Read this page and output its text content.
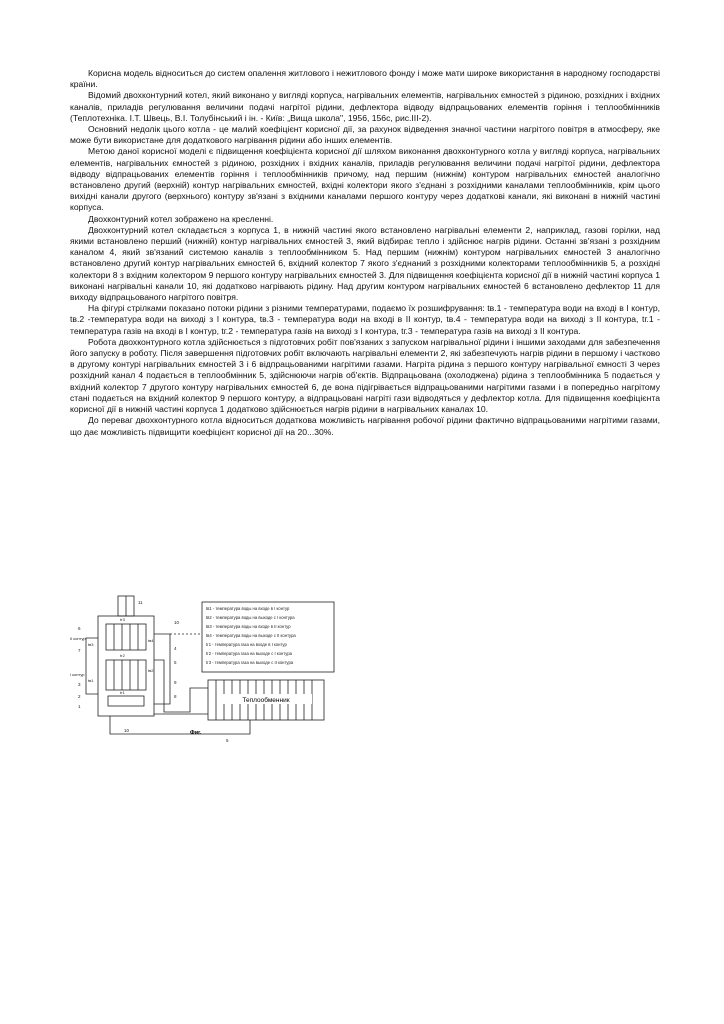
Корисна модель відноситься до систем опалення житлового і нежитлового фонду і може мати широке використання в народному господарстві країни.

Відомий двохконтурний котел, який виконано у вигляді корпуса, нагрівальних елементів, нагрівальних ємностей з рідиною, розхідних і вхідних каналів, приладів регулювання величини подачі нагрітої рідини, дефлектора відводу відпрацьованих елементів горіння і теплообмінників (Теплотехніка. І.Т. Швець, В.І. Толубінський і ін. - Київ: „Вища школа", 1956, 156с, рис.III-2).

Основний недолік цього котла - це малий коефіцієнт корисної дії, за рахунок відведення значної частини нагрітого повітря в атмосферу, яке може бути використане для додаткового нагрівання рідини або інших елементів.

Метою даної корисної моделі є підвищення коефіцієнта корисної дії шляхом виконання двохконтурного котла у вигляді корпуса, нагрівальних елементів, нагрівальних ємностей з рідиною, розхідних і вхідних каналів, приладів регулювання величини подачі нагрітої рідини, дефлектора відводу відпрацьованих елементів горіння і теплообмінників причому, над першим (нижнім) контуром нагрівальних ємностей аналогічно встановлено другий (верхній) контур нагрівальних ємностей, вхідні колектори якого з'єднані з розхідними каналами теплообмінників, крім цього вихідні канали другого (верхнього) контуру зв'язані з вхідними каналами першого контуру через додаткові канали, які виконані в нижній частині корпуса.

Двохконтурний котел зображено на кресленні.

Двохконтурний котел складається з корпуса 1, в нижній частині якого встановлено нагрівальні елементи 2, наприклад, газові горілки, над якими встановлено перший (нижній) контур нагрівальних ємностей 3, який відбирає тепло і здійснює нагрів рідини. Останні зв'язані з розхідним каналом 4, який зв'язаний системою каналів з теплообмінником 5. Над першим (нижнім) контуром нагрівальних ємностей 3 аналогічно встановлено другий контур нагрівальних ємностей 6, вхідний колектор 7 якого з'єднаний з розхідними колекторами теплообмінників 5, а розхідні колектори 8 з вхідним колектором 9 першого контуру нагрівальних ємностей 3. Для підвищення коефіцієнта корисної дії в нижній частині корпуса 1 виконані нагрівальні канали 10, які додатково нагрівають рідину. Над другим контуром нагрівальних ємностей 6 встановлено дефлектор 11 для виходу відпрацьованого нагрітого повітря.

На фігурі стрілками показано потоки рідини з різними температурами, подаємо їх розшифрування: tв.1 - температура води на вході в I контур, tв.2 -температура води на виході з I контура, tв.3 - температура води на вході в II контур, tв.4 - температура води на виході з II контура, tг.1 - температура газів на вході в I контур, tг.2 - температура газів на виході з I контура, tг.3 - температура газів на виході з II контура.

Робота двохконтурного котла здійснюється з підготовчих робіт пов'язаних з запуском нагрівальної рідини і іншими заходами для забезпечення його запуску в роботу. Після завершення підготовчих робіт включають нагрівальні елементи 2, які забезпечують нагрів рідини в першому і частково в другому контурі нагрівальних ємностей 3 і 6 відпрацьованими нагрітими газами. Нагріта рідина з першого контуру нагрівальної ємності 3 через розхідний канал 4 подається в теплообмінник 5, здійснюючи нагрів об'єктів. Відпрацьована (охолоджена) рідина з теплообмінника 5 подається у вхідний колектор 7 другого контуру нагрівальних ємностей 6, де вона підігрівається відпрацьованими нагрітими газами і в попередньо нагрітому стані подається на вхідний колектор 9 першого контуру, а відпрацьовані нагріті гази відводяться у дефлектор котла. Для підвищення коефіцієнта корисної дії в нижній частині корпуса 1 додатково здійснюється нагрів рідини в нагрівальних каналах 10.

До переваг двохконтурного котла відноситься додаткова можливість нагрівання робочої рідини фактично відпрацьованими нагрітими газами, що дає можливість підвищити коефіцієнт корисної дії на 20...30%.

Теплообменник
tв1 - температура воды на входе в I контур
tв2 - температура воды на выходе с I контура
tв3 - температура воды на входе в II контур
tв4 - температура воды на выходе с II контура
tг1 - температура газа на входе в I контур
tг2 - температура газа на выходе с I контура
tг3 - температура газа на выходе с II контура
II контур
I контур
11
10
6
7	4
3
2
1
5
9
8
10
5
tг3
tв4
tв3
tг2
tв2
tв1
tг1
Фиг.
